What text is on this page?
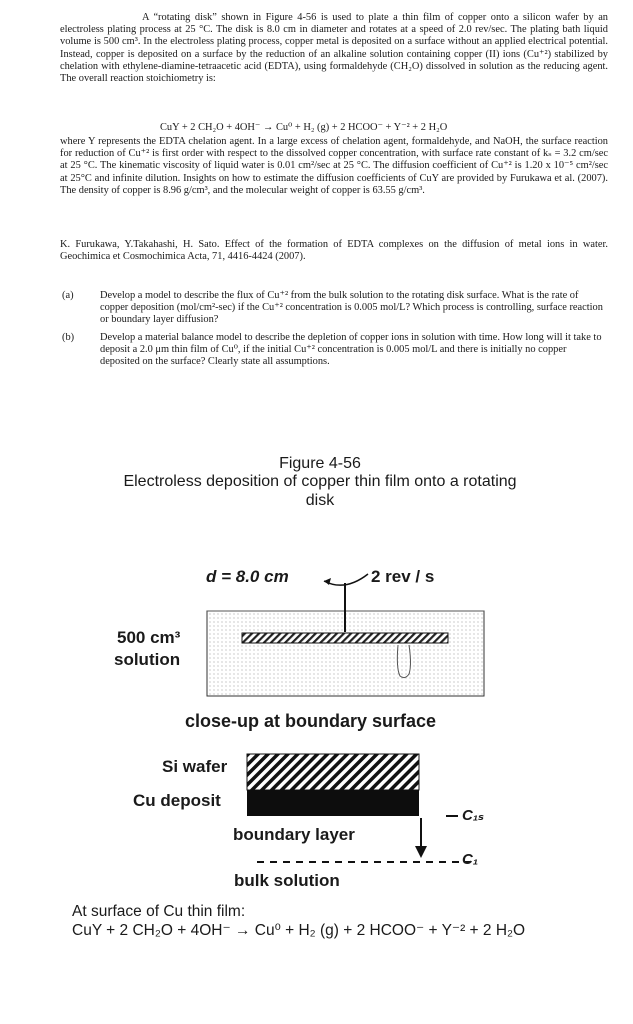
A “rotating disk” shown in Figure 4-56 is used to plate a thin film of copper onto a silicon wafer by an electroless plating process at 25 °C. The disk is 8.0 cm in diameter and rotates at a speed of 2.0 rev/sec. The plating bath liquid volume is 500 cm³. In the electroless plating process, copper metal is deposited on a surface without an applied electrical potential. Instead, copper is deposited on a surface by the reduction of an alkaline solution containing copper (II) ions (Cu⁺²) stabilized by chelation with ethylene-diamine-tetraacetic acid (EDTA), using formaldehyde (CH₂O) dissolved in solution as the reducing agent. The overall reaction stoichiometry is:
CuY + 2 CH₂O + 4OH⁻ → Cu⁰ + H₂ (g) + 2 HCOO⁻ + Y⁻² + 2 H₂O
where Y represents the EDTA chelation agent. In a large excess of chelation agent, formaldehyde, and NaOH, the surface reaction for reduction of Cu⁺² is first order with respect to the dissolved copper concentration, with surface rate constant of kₛ = 3.2 cm/sec at 25 °C. The kinematic viscosity of liquid water is 0.01 cm²/sec at 25 °C. The diffusion coefficient of Cu⁺² is 1.20 x 10⁻⁵ cm²/sec at 25°C and infinite dilution. Insights on how to estimate the diffusion coefficients of CuY are provided by Furukawa et al. (2007). The density of copper is 8.96 g/cm³, and the molecular weight of copper is 63.55 g/cm³.
K. Furukawa, Y.Takahashi, H. Sato. Effect of the formation of EDTA complexes on the diffusion of metal ions in water. Geochimica et Cosmochimica Acta, 71, 4416-4424 (2007).
(a)	Develop a model to describe the flux of Cu⁺² from the bulk solution to the rotating disk surface. What is the rate of copper deposition (mol/cm²-sec) if the Cu⁺² concentration is 0.005 mol/L? Which process is controlling, surface reaction or boundary layer diffusion?
(b) Develop a material balance model to describe the depletion of copper ions in solution with time. How long will it take to deposit a 2.0 μm thin film of Cu⁰, if the initial Cu⁺² concentration is 0.005 mol/L and there is initially no copper deposited on the surface? Clearly state all assumptions.
Figure 4-56
Electroless deposition of copper thin film onto a rotating disk
d = 8.0 cm	2 rev / s
500 cm³
solution
close-up at boundary surface
Si wafer
Cu deposit
C₁ₛ
boundary layer
C₁
bulk solution
At surface of Cu thin film:
CuY + 2 CH₂O + 4OH⁻ → Cu⁰ + H₂ (g) + 2 HCOO⁻ + Y⁻² + 2 H₂O
